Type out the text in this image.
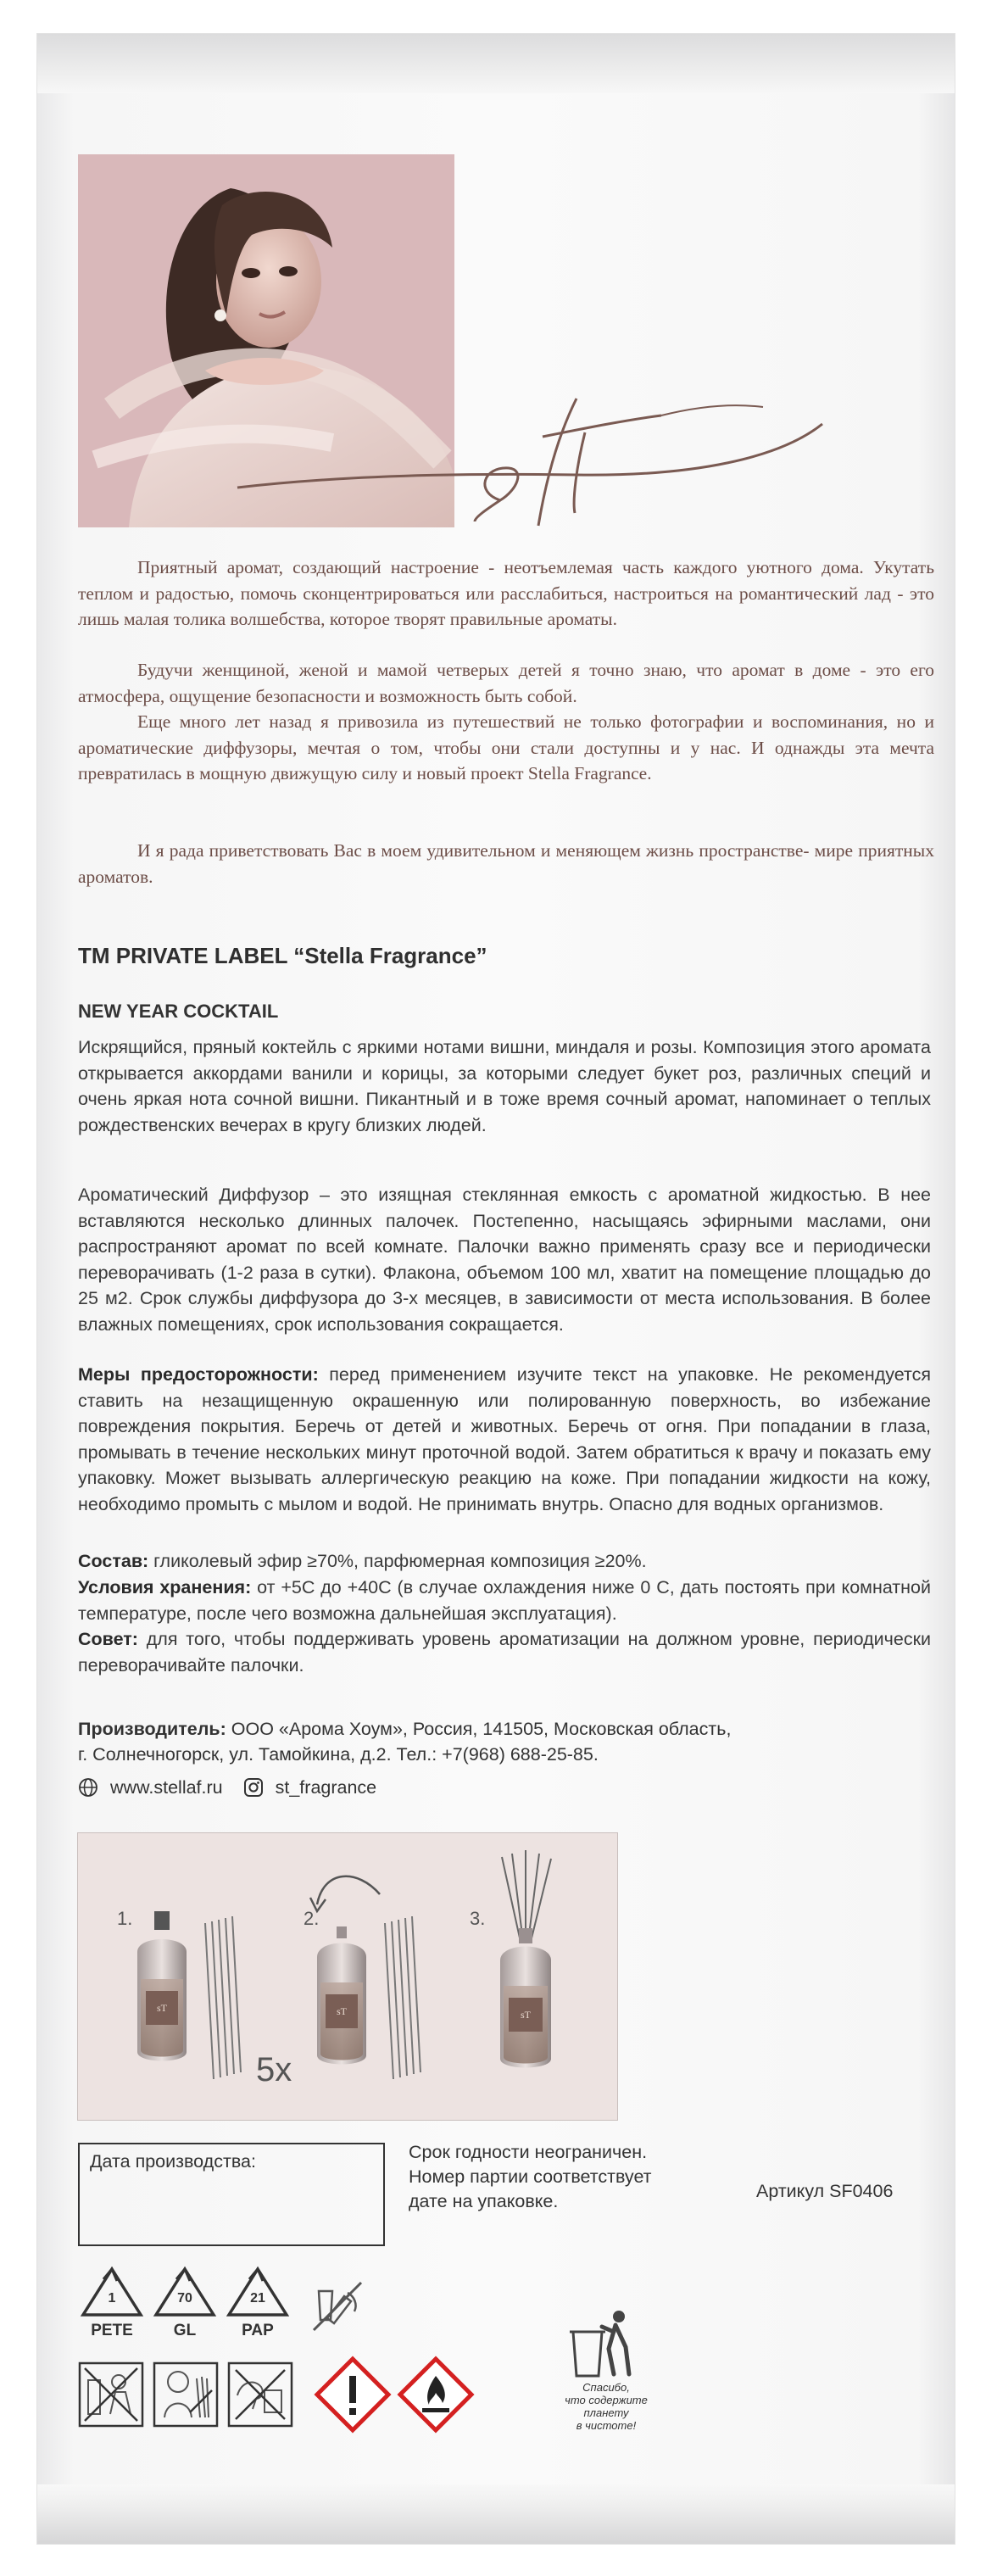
Приятный аромат, создающий настроение - неотъемлемая часть каждого уютного дома. Укутать теплом и радостью, помочь сконцентрироваться или расслабиться, настроиться на романтический лад - это лишь малая толика волшебства, которое творят правильные ароматы.

Будучи женщиной, женой и мамой четверых детей я точно знаю, что аромат в доме - это его атмосфера, ощущение безопасности и возможность быть собой.

Еще много лет назад я привозила из путешествий не только фотографии и воспоминания, но и ароматические диффузоры, мечтая о том, чтобы они стали доступны и у нас. И однажды эта мечта превратилась в мощную движущую силу и новый проект Stella Fragrance.

И я рада приветствовать Вас в моем удивительном и меняющем жизнь пространстве- мире приятных ароматов.

TM PRIVATE LABEL “Stella Fragrance”
NEW YEAR COCKTAIL

Искрящийся, пряный коктейль с яркими нотами вишни, миндаля и розы. Композиция этого аромата открывается аккордами ванили и корицы, за которыми следует букет роз, различных специй и очень яркая нота сочной вишни. Пикантный и в тоже время сочный аромат, напоминает о теплых рождественских вечерах в кругу близких людей.

Ароматический Диффузор – это изящная стеклянная емкость с ароматной жидкостью. В нее вставляются несколько длинных палочек. Постепенно, насыщаясь эфирными маслами, они распространяют аромат по всей комнате. Палочки важно применять сразу все и периодически переворачивать (1-2 раза в сутки). Флакона, объемом 100 мл, хватит на помещение площадью до 25 м2. Срок службы диффузора до 3-х месяцев, в зависимости от места использования. В более влажных помещениях, срок использования сокращается.

Меры предосторожности: перед применением изучите текст на упаковке. Не рекомендуется ставить на незащищенную окрашенную или полированную поверхность, во избежание повреждения покрытия. Беречь от детей и животных. Беречь от огня. При попадании в глаза, промывать в течение нескольких минут проточной водой. Затем обратиться к врачу и показать ему упаковку. Может вызывать аллергическую реакцию на коже. При попадании жидкости на кожу, необходимо промыть с мылом и водой. Не принимать внутрь. Опасно для водных организмов.

Состав: гликолевый эфир ≥70%, парфюмерная композиция ≥20%.

Условия хранения: от +5С до +40С (в случае охлаждения ниже 0 С, дать постоять при комнатной температуре, после чего возможна дальнейшая эксплуатация).

Совет: для того, чтобы поддерживать уровень ароматизации на должном уровне, периодически переворачивайте палочки.

Производитель: ООО «Арома Хоум», Россия, 141505, Московская область,
г. Солнечногорск, ул. Тамойкина, д.2. Тел.: +7(968) 688-25-85.

www.stellaf.ru	st_fragrance
1.	2.	3.
sT
5x
sT	sT
Дата производства:	Срок годности неограничен.
Номер партии соответствует
дате на упаковке.	Артикул SF0406
1
PETE
70
GL
21
PAP
Спасибо,
что содержите
планету
в чистоте!
